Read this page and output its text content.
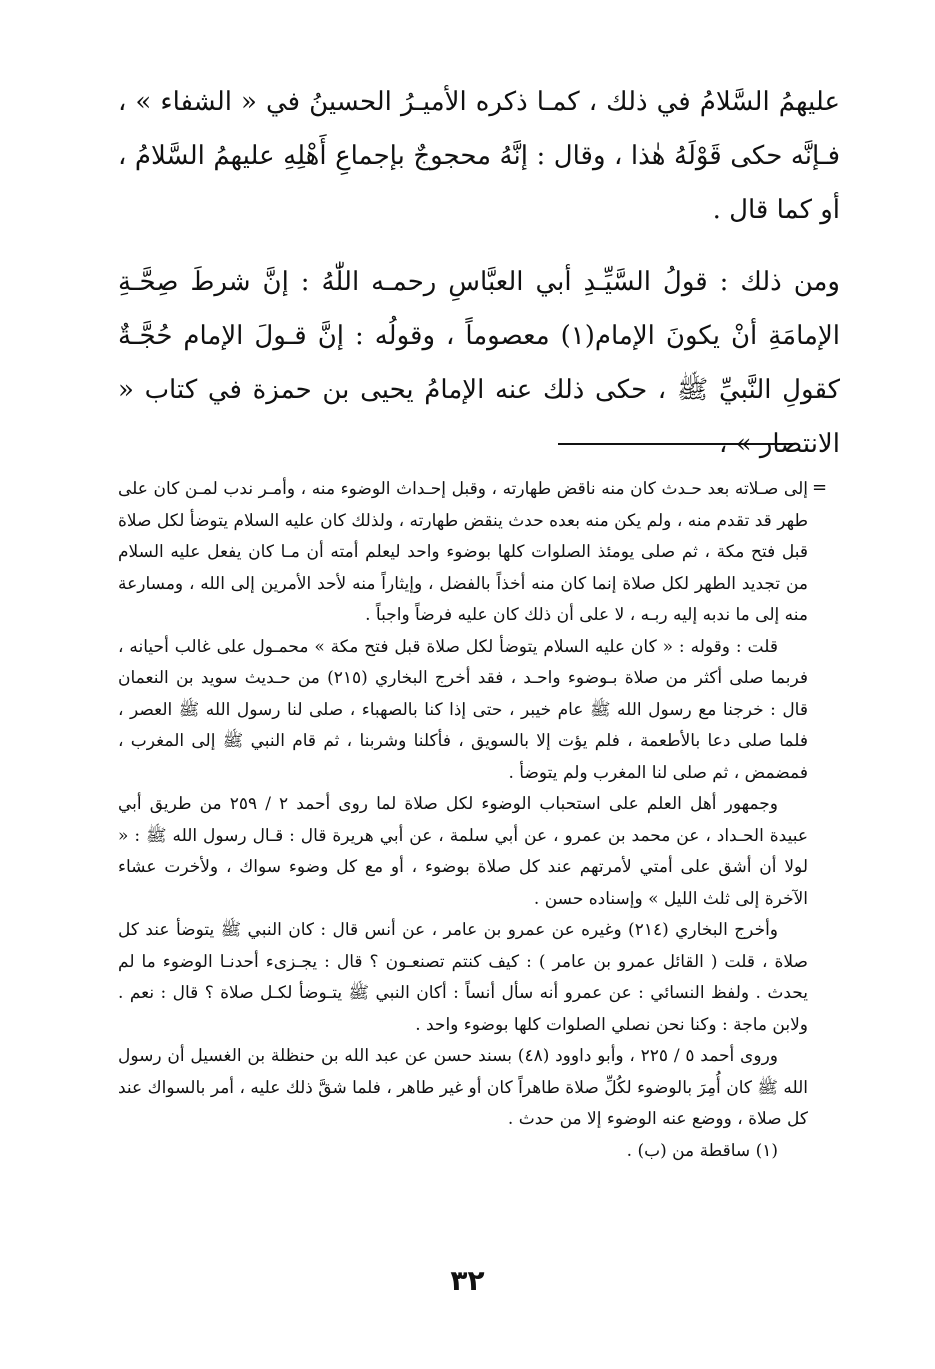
عليهمُ السَّلامُ في ذلك ، كمـا ذكره الأميـرُ الحسينُ في « الشفاء » ، فـإنَّه حكى قَوْلَهُ هٰذا ، وقال : إنَّهُ محجوجٌ بإجماعِ أَهْلِهِ عليهمُ السَّلامُ ، أو كما قال .

ومن ذلك : قولُ السَّيِّـدِ أبي العبَّاسِ رحمـه اللّٰهُ : إنَّ شرطَ صِحَّـةِ الإمامَةِ أنْ يكونَ الإمام(١) معصوماً ، وقولُه : إنَّ قـولَ الإمام حُجَّـةٌ كقولِ النَّبيِّ ﷺ ، حكى ذلك عنه الإمامُ يحيى بن حمزة في كتاب « الانتصار » ،

=

إلى صـلاته بعد حـدث كان منه ناقض طهارته ، وقبل إحـداث الوضوء منه ، وأمـر ندب لمـن كان على طهر قد تقدم منه ، ولم يكن منه بعده حدث ينقض طهارته ، ولذلك كان عليه السلام يتوضأ لكل صلاة قبل فتح مكة ، ثم صلى يومئذ الصلوات كلها بوضوء واحد ليعلم أمته أن مـا كان يفعل عليه السلام من تجديد الطهر لكل صلاة إنما كان منه أخذاً بالفضل ، وإيثاراً منه لأحد الأمرين إلى الله ، ومسارعة منه إلى ما ندبه إليه ربـه ، لا على أن ذلك كان عليه فرضاً واجباً .

قلت : وقوله : « كان عليه السلام يتوضأ لكل صلاة قبل فتح مكة » محمـول على غالب أحيانه ، فربما صلى أكثر من صلاة بـوضوء واحـد ، فقد أخرج البخاري (٢١٥) من حـديث سويد بن النعمان قال : خرجنا مع رسول الله ﷺ عام خيبر ، حتى إذا كنا بالصهباء ، صلى لنا رسول الله ﷺ العصر ، فلما صلى دعا بالأطعمة ، فلم يؤت إلا بالسويق ، فأكلنا وشربنا ، ثم قام النبي ﷺ إلى المغرب ، فمضمض ، ثم صلى لنا المغرب ولم يتوضأ .

وجمهور أهل العلم على استحباب الوضوء لكل صلاة لما روى أحمد ٢ / ٢٥٩ من طريق أبي عبيدة الحـداد ، عن محمد بن عمرو ، عن أبي سلمة ، عن أبي هريرة قال : قـال رسول الله ﷺ : « لولا أن أشق على أمتي لأمرتهم عند كل صلاة بوضوء ، أو مع كل وضوء سواك ، ولأخرت عشاء الآخرة إلى ثلث الليل » وإسناده حسن .

وأخرج البخاري (٢١٤) وغيره عن عمرو بن عامر ، عن أنس قال : كان النبي ﷺ يتوضأ عند كل صلاة ، قلت ( القائل عمرو بن عامر ) : كيف كنتم تصنعـون ؟ قال : يجـزىء أحدنـا الوضوء ما لم يحدث . ولفظ النسائي : عن عمرو أنه سأل أنساً : أكان النبي ﷺ يتـوضأ لكـل صلاة ؟ قال : نعم . ولابن ماجة : وكنا نحن نصلي الصلوات كلها بوضوء واحد .

وروى أحمد ٥ / ٢٢٥ ، وأبو داوود (٤٨) بسند حسن عن عبد الله بن حنظلة بن الغسيل أن رسول الله ﷺ كان أُمِرَ بالوضوء لكُلِّ صلاة طاهراً كان أو غير طاهر ، فلما شقَّ ذلك عليه ، أمر بالسواك عند كل صلاة ، ووضع عنه الوضوء إلا من حدث .

(١) ساقطة من (ب) .

٣٢
